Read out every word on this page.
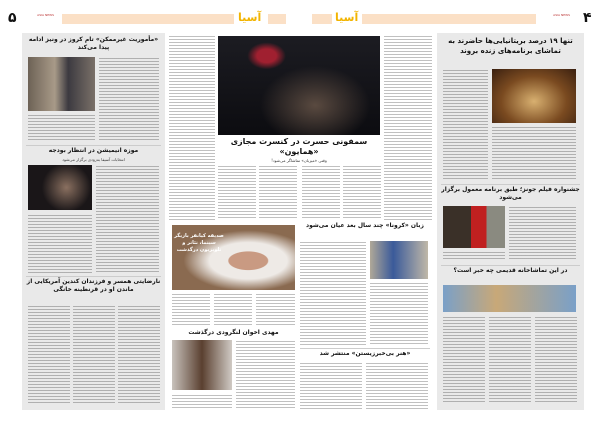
۵	ASIA NEWS	آسیا	آسیا	ASIA NEWS ۴
«مأموریت غیرممکن» تام کروز در ونیز ادامه پیدا می‌کند
موزه انیمیشن در انتظار بودجه
انتخابات آسیفا به‌زودی برگزار می‌شود
نارضایتی همسر و فرزندان کندین آمریکایی از ماندن او در قرنطینه خانگی
سمفونی حسرت در کنسرت مجازی «همایون»
وقتی «میزبان» تماشاگر می‌شود!
صدیقه کیانفر بازیگر سینما، تئاتر و تلویزیون درگذشت
مهدی اخوان لنگرودی درگذشت
زبان «کرونا» چند سال بعد عیان می‌شود
«هنر بی‌خبرزیستن» منتشر شد
تنها ۱۹ درصد بریتانیایی‌ها حاضرند به تماشای برنامه‌های زنده بروند
جشنواره فیلم جونز؛ طبق برنامه معمول برگزار می‌شود
در این تماشاخانه قدیمی چه خبر است؟
